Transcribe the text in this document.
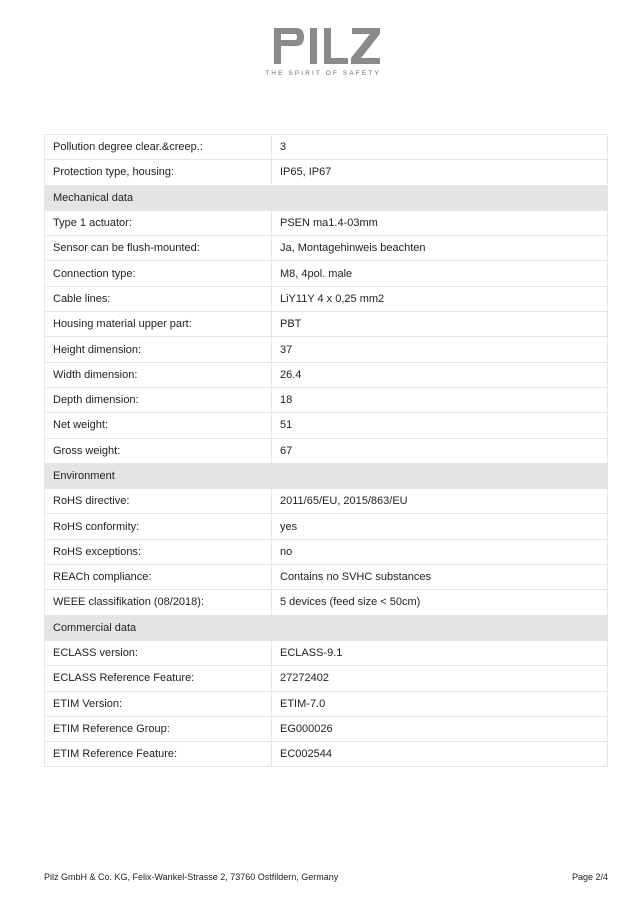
THE SPIRIT OF SAFETY
Pollution degree clear.&creep.:	3
Protection type, housing:	IP65, IP67
Mechanical data	
Type 1 actuator:	PSEN ma1.4-03mm
Sensor can be flush-mounted:	Ja, Montagehinweis beachten
Connection type:	M8, 4pol. male
Cable lines:	LiY11Y 4 x 0,25 mm2
Housing material upper part:	PBT
Height dimension:	37
Width dimension:	26.4
Depth dimension:	18
Net weight:	51
Gross weight:	67
Environment	
RoHS directive:	2011/65/EU, 2015/863/EU
RoHS conformity:	yes
RoHS exceptions:	no
REACh compliance:	Contains no SVHC substances
WEEE classifikation (08/2018):	5 devices (feed size < 50cm)
Commercial data	
ECLASS version:	ECLASS-9.1
ECLASS Reference Feature:	27272402
ETIM Version:	ETIM-7.0
ETIM Reference Group:	EG000026
ETIM Reference Feature:	EC002544
Pilz GmbH & Co. KG, Felix-Wankel-Strasse 2, 73760 Ostfildern, Germany	Page 2/4
